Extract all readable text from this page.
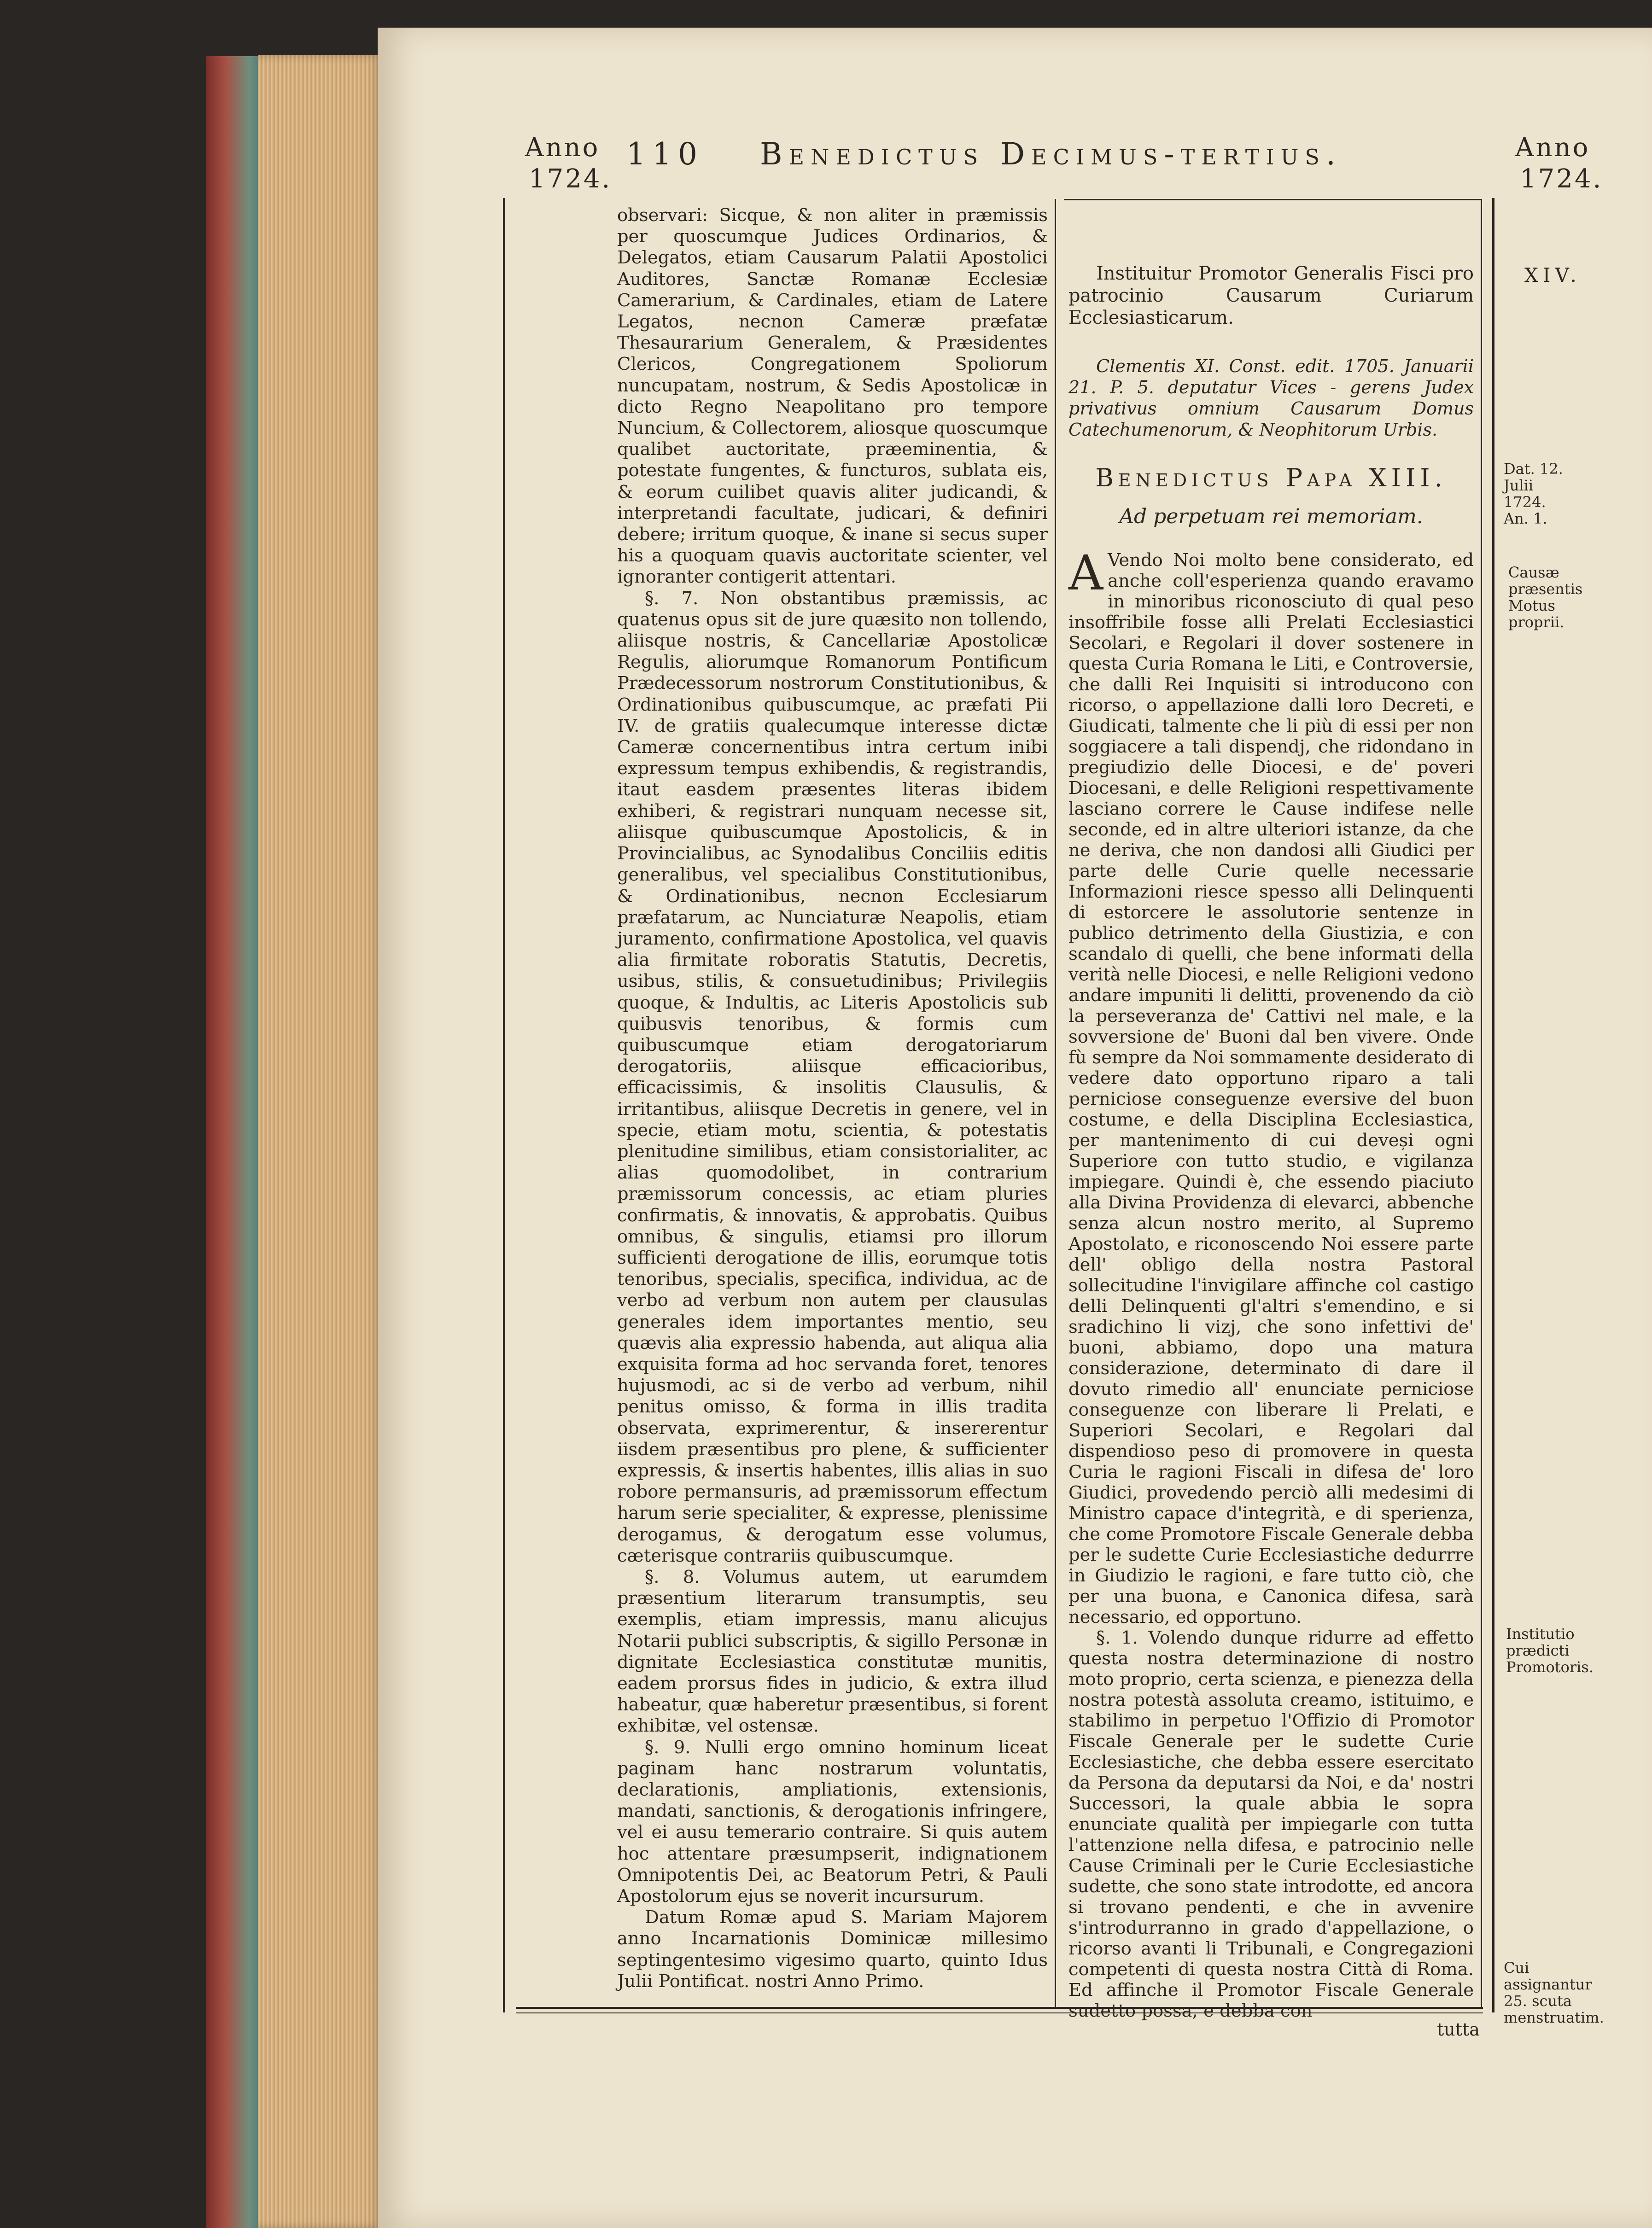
Anno
1724.
110 Benedictus Decimus-tertius.	Anno
1724.

observari: Sicque, & non aliter in præmissis per quoscumque Judices Ordinarios, & Delegatos, etiam Causarum Palatii Apostolici Auditores, Sanctæ Romanæ Ecclesiæ Camerarium, & Cardinales, etiam de Latere Legatos, necnon Cameræ præfatæ Thesaurarium Generalem, & Præsidentes Clericos, Congregationem Spoliorum nuncupatam, nostrum, & Sedis Apostolicæ in dicto Regno Neapolitano pro tempore Nuncium, & Collectorem, aliosque quoscumque qualibet auctoritate, præeminentia, & potestate fungentes, & functuros, sublata eis, & eorum cuilibet quavis aliter judicandi, & interpretandi facultate, judicari, & definiri debere; irritum quoque, & inane si secus super his a quoquam quavis auctoritate scienter, vel ignoranter contigerit attentari.

§. 7. Non obstantibus præmissis, ac quatenus opus sit de jure quæsito non tollendo, aliisque nostris, & Cancellariæ Apostolicæ Regulis, aliorumque Romanorum Pontificum Prædecessorum nostrorum Constitutionibus, & Ordinationibus quibuscumque, ac præfati Pii IV. de gratiis qualecumque interesse dictæ Cameræ concernentibus intra certum inibi expressum tempus exhibendis, & registrandis, itaut easdem præsentes literas ibidem exhiberi, & registrari nunquam necesse sit, aliisque quibuscumque Apostolicis, & in Provincialibus, ac Synodalibus Conciliis editis generalibus, vel specialibus Constitutionibus, & Ordinationibus, necnon Ecclesiarum præfatarum, ac Nunciaturæ Neapolis, etiam juramento, confirmatione Apostolica, vel quavis alia firmitate roboratis Statutis, Decretis, usibus, stilis, & consuetudinibus; Privilegiis quoque, & Indultis, ac Literis Apostolicis sub quibusvis tenoribus, & formis cum quibuscumque etiam derogatoriarum derogatoriis, aliisque efficacioribus, efficacissimis, & insolitis Clausulis, & irritantibus, aliisque Decretis in genere, vel in specie, etiam motu, scientia, & potestatis plenitudine similibus, etiam consistorialiter, ac alias quomodolibet, in contrarium præmissorum concessis, ac etiam pluries confirmatis, & innovatis, & approbatis. Quibus omnibus, & singulis, etiamsi pro illorum sufficienti derogatione de illis, eorumque totis tenoribus, specialis, specifica, individua, ac de verbo ad verbum non autem per clausulas generales idem importantes mentio, seu quævis alia expressio habenda, aut aliqua alia exquisita forma ad hoc servanda foret, tenores hujusmodi, ac si de verbo ad verbum, nihil penitus omisso, & forma in illis tradita observata, exprimerentur, & insererentur iisdem præsentibus pro plene, & sufficienter expressis, & insertis habentes, illis alias in suo robore permansuris, ad præmissorum effectum harum serie specialiter, & expresse, plenissime derogamus, & derogatum esse volumus, cæterisque contrariis quibuscumque.

§. 8. Volumus autem, ut earumdem præsentium literarum transumptis, seu exemplis, etiam impressis, manu alicujus Notarii publici subscriptis, & sigillo Personæ in dignitate Ecclesiastica constitutæ munitis, eadem prorsus fides in judicio, & extra illud habeatur, quæ haberetur præsentibus, si forent exhibitæ, vel ostensæ.

§. 9. Nulli ergo omnino hominum liceat paginam hanc nostrarum voluntatis, declarationis, ampliationis, extensionis, mandati, sanctionis, & derogationis infringere, vel ei ausu temerario contraire. Si quis autem hoc attentare præsumpserit, indignationem Omnipotentis Dei, ac Beatorum Petri, & Pauli Apostolorum ejus se noverit incursurum.

Datum Romæ apud S. Mariam Majorem anno Incarnationis Dominicæ millesimo septingentesimo vigesimo quarto, quinto Idus Julii Pontificat. nostri Anno Primo.

Instituitur Promotor Generalis Fisci pro patrocinio Causarum Curiarum Ecclesiasticarum.

Clementis XI. Const. edit. 1705. Januarii 21. P. 5. deputatur Vices - gerens Judex privativus omnium Causarum Domus Catechumenorum, & Neophitorum Urbis.

Benedictus Papa XIII.
Ad perpetuam rei memoriam.

A Vendo Noi molto bene considerato, ed anche coll'esperienza quando eravamo in minoribus riconosciuto di qual peso insoffribile fosse alli Prelati Ecclesiastici Secolari, e Regolari il dover sostenere in questa Curia Romana le Liti, e Controversie, che dalli Rei Inquisiti si introducono con ricorso, o appellazione dalli loro Decreti, e Giudicati, talmente che li più di essi per non soggiacere a tali dispendj, che ridondano in pregiudizio delle Diocesi, e de' poveri Diocesani, e delle Religioni respettivamente lasciano correre le Cause indifese nelle seconde, ed in altre ulteriori istanze, da che ne deriva, che non dandosi alli Giudici per parte delle Curie quelle necessarie Informazioni riesce spesso alli Delinquenti di estorcere le assolutorie sentenze in publico detrimento della Giustizia, e con scandalo di quelli, che bene informati della verità nelle Diocesi, e nelle Religioni vedono andare impuniti li delitti, provenendo da ciò la perseveranza de' Cattivi nel male, e la sovversione de' Buoni dal ben vivere. Onde fù sempre da Noi sommamente desiderato di vedere dato opportuno riparo a tali perniciose conseguenze eversive del buon costume, e della Disciplina Ecclesiastica, per mantenimento di cui deveși ogni Superiore con tutto studio, e vigilanza impiegare. Quindi è, che essendo piaciuto alla Divina Providenza di elevarci, abbenche senza alcun nostro merito, al Supremo Apostolato, e riconoscendo Noi essere parte dell' obligo della nostra Pastoral sollecitudine l'invigilare affinche col castigo delli Delinquenti gl'altri s'emendino, e si sradichino li vizj, che sono infettivi de' buoni, abbiamo, dopo una matura considerazione, determinato di dare il dovuto rimedio all' enunciate perniciose conseguenze con liberare li Prelati, e Superiori Secolari, e Regolari dal dispendioso peso di promovere in questa Curia le ragioni Fiscali in difesa de' loro Giudici, provedendo perciò alli medesimi di Ministro capace d'integrità, e di sperienza, che come Promotore Fiscale Generale debba per le sudette Curie Ecclesiastiche dedurrre in Giudizio le ragioni, e fare tutto ciò, che per una buona, e Canonica difesa, sarà necessario, ed opportuno.

§. 1. Volendo dunque ridurre ad effetto questa nostra determinazione di nostro moto proprio, certa scienza, e pienezza della nostra potestà assoluta creamo, istituimo, e stabilimo in perpetuo l'Offizio di Promotor Fiscale Generale per le sudette Curie Ecclesiastiche, che debba essere esercitato da Persona da deputarsi da Noi, e da' nostri Successori, la quale abbia le sopra enunciate qualità per impiegarle con tutta l'attenzione nella difesa, e patrocinio nelle Cause Criminali per le Curie Ecclesiastiche sudette, che sono state introdotte, ed ancora si trovano pendenti, e che in avvenire s'introdurranno in grado d'appellazione, o ricorso avanti li Tribunali, e Congregazioni competenti di questa nostra Città di Roma. Ed affinche il Promotor Fiscale Generale sudetto possa, e debba con

tutta
XIV.
Dat. 12. Julii 1724. An. 1.
Causæ præsentis Motus proprii.
Institutio prædicti Promotoris.
Cui assignantur 25. scuta menstruatim.
